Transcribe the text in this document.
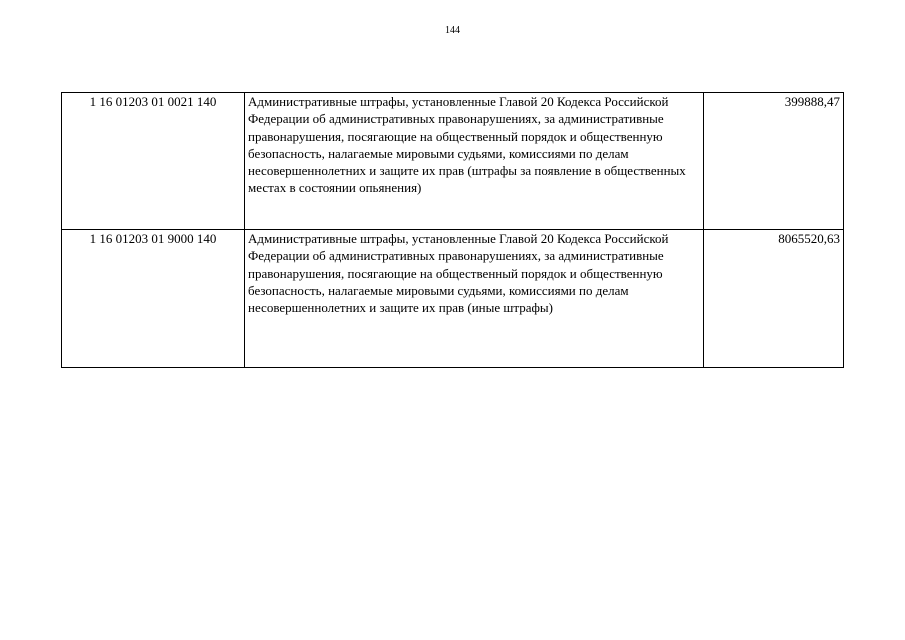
144
1 16 01203 01 0021 140	Административные штрафы, установленные Главой 20 Кодекса Российской Федерации об административных правонарушениях, за административные правонарушения, посягающие на общественный порядок и общественную безопасность, налагаемые мировыми судьями, комиссиями по делам несовершеннолетних и защите их прав (штрафы за появление в общественных местах в состоянии опьянения)	399888,47
1 16 01203 01 9000 140	Административные штрафы, установленные Главой 20 Кодекса Российской Федерации об административных правонарушениях, за административные правонарушения, посягающие на общественный порядок и общественную безопасность, налагаемые мировыми судьями, комиссиями по делам несовершеннолетних и защите их прав (иные штрафы)	8065520,63
